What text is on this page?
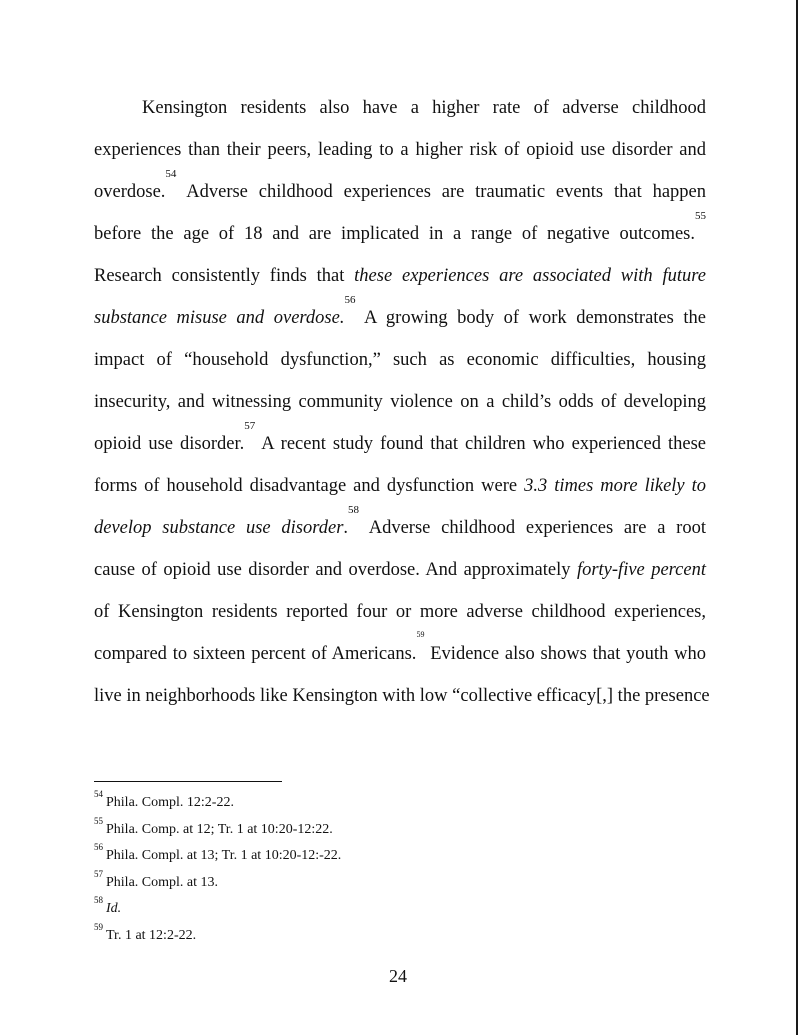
Kensington residents also have a higher rate of adverse childhood
experiences than their peers, leading to a higher risk of opioid use disorder and
overdose.$^{54}$ Adverse childhood experiences are traumatic events that happen
before the age of 18 and are implicated in a range of negative outcomes.$^{55}$
Research consistently finds that these experiences are associated with future
substance misuse and overdose.$^{56}$ A growing body of work demonstrates the
impact of “household dysfunction,” such as economic difficulties, housing
insecurity, and witnessing community violence on a child’s odds of developing
opioid use disorder.$^{57}$ A recent study found that children who experienced these
forms of household disadvantage and dysfunction were 3.3 times more likely to
develop substance use disorder.$^{58}$ Adverse childhood experiences are a root
cause of opioid use disorder and overdose. And approximately forty-five percent
of Kensington residents reported four or more adverse childhood experiences,
compared to sixteen percent of Americans.$^{59}$ Evidence also shows that youth who
live in neighborhoods like Kensington with low “collective efficacy[,] the presence
$^{54}$Phila. Compl. 12:2-22.
$^{55}$Phila. Comp. at 12; Tr. 1 at 10:20-12:22.
$^{56}$Phila. Compl. at 13; Tr. 1 at 10:20-12:-22.
$^{57}$Phila. Compl. at 13.
$^{58}$Id.
$^{59}$Tr. 1 at 12:2-22.
24
